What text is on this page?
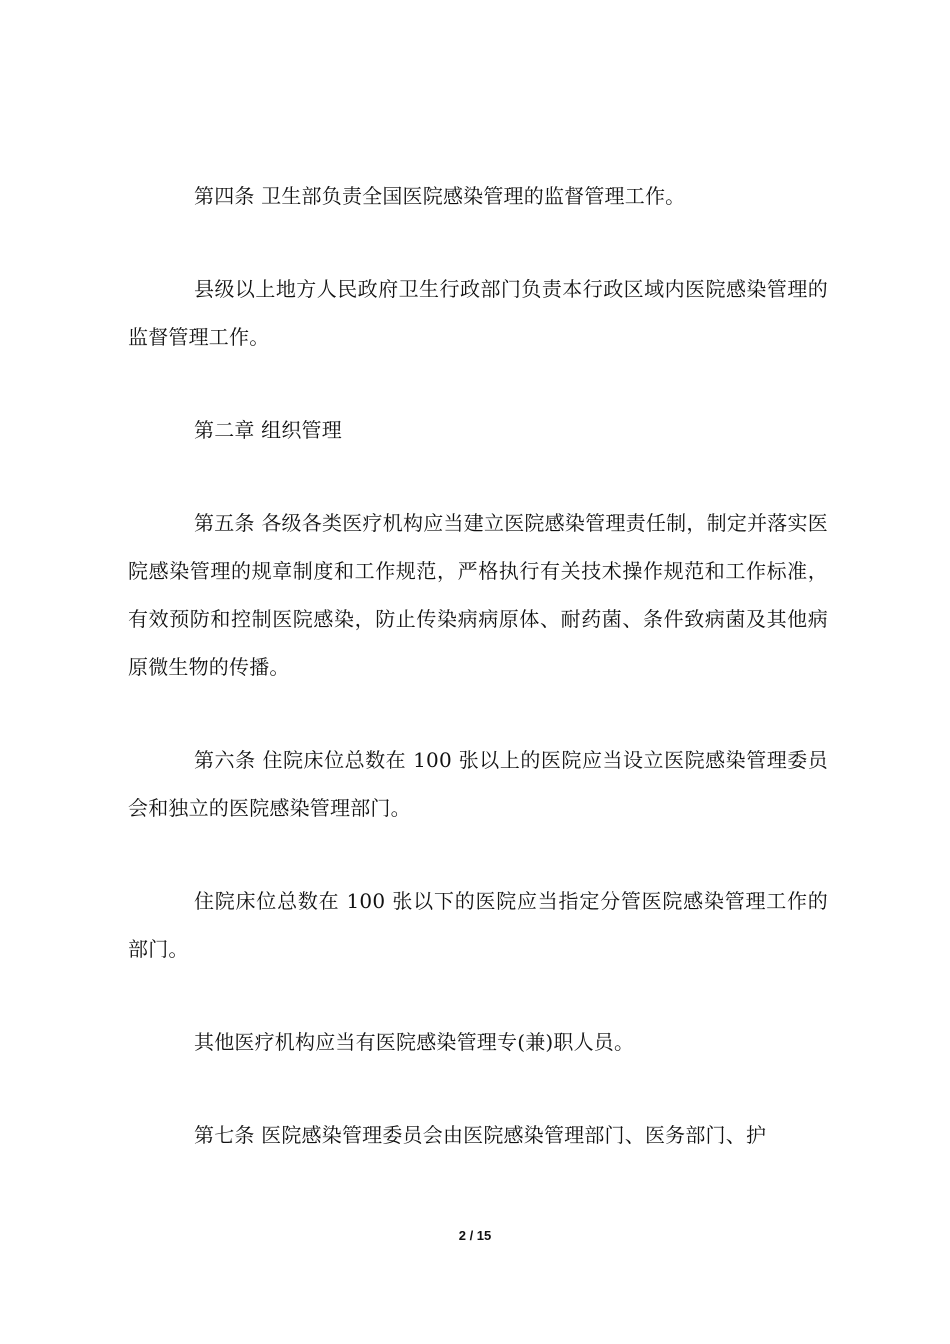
第四条 卫生部负责全国医院感染管理的监督管理工作。

县级以上地方人民政府卫生行政部门负责本行政区域内医院感染管理的监督管理工作。

第二章 组织管理

第五条 各级各类医疗机构应当建立医院感染管理责任制，制定并落实医院感染管理的规章制度和工作规范，严格执行有关技术操作规范和工作标准，有效预防和控制医院感染，防止传染病病原体、耐药菌、条件致病菌及其他病原微生物的传播。

第六条 住院床位总数在 100 张以上的医院应当设立医院感染管理委员会和独立的医院感染管理部门。

住院床位总数在 100 张以下的医院应当指定分管医院感染管理工作的部门。

其他医疗机构应当有医院感染管理专(兼)职人员。

第七条 医院感染管理委员会由医院感染管理部门、医务部门、护

2 / 15
